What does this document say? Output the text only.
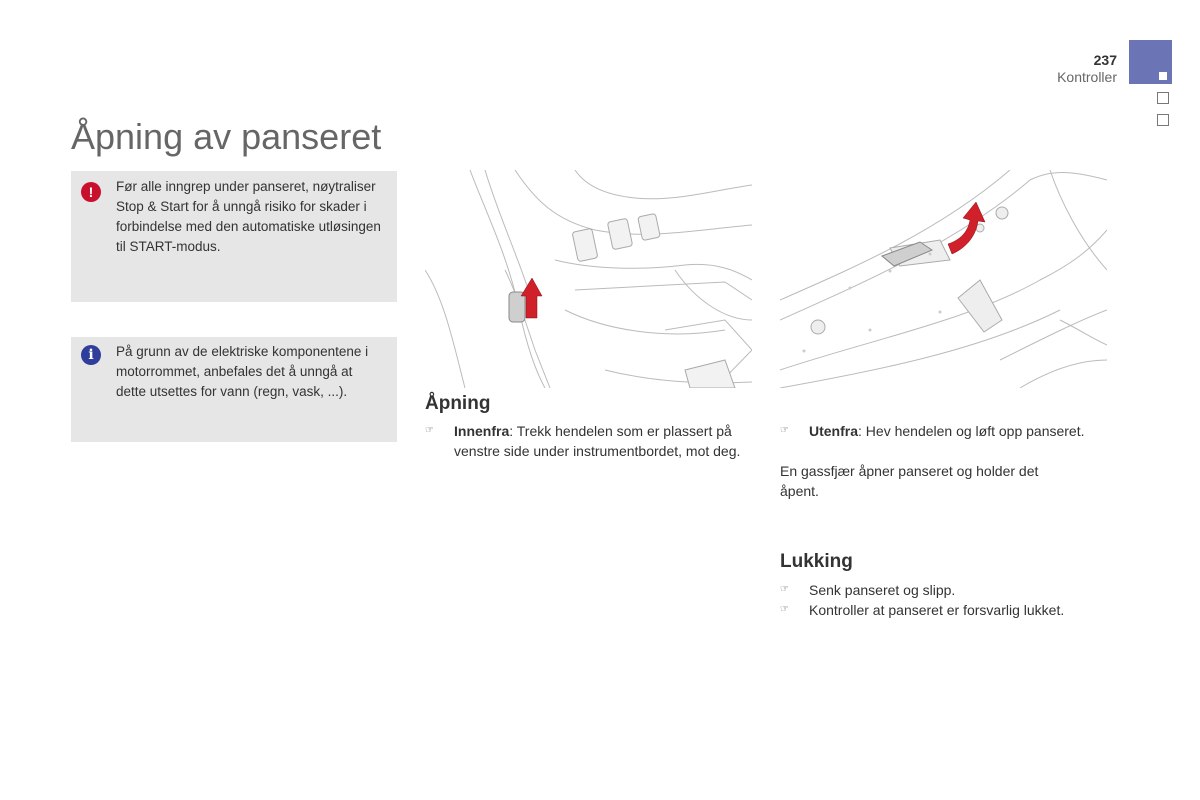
237
Kontroller
Åpning av panseret
!	Før alle inngrep under panseret, nøytraliser Stop & Start for å unngå risiko for skader i forbindelse med den automatiske utløsingen til START-modus.
i	På grunn av de elektriske komponentene i motorrommet, anbefales det å unngå at dette utsettes for vann (regn, vask, ...).
Åpning
☞	Innenfra: Trekk hendelen som er plassert på venstre side under instrumentbordet, mot deg.
☞	Utenfra: Hev hendelen og løft opp panseret.
En gassfjær åpner panseret og holder det åpent.
Lukking
☞	Senk panseret og slipp.
☞	Kontroller at panseret er forsvarlig lukket.
